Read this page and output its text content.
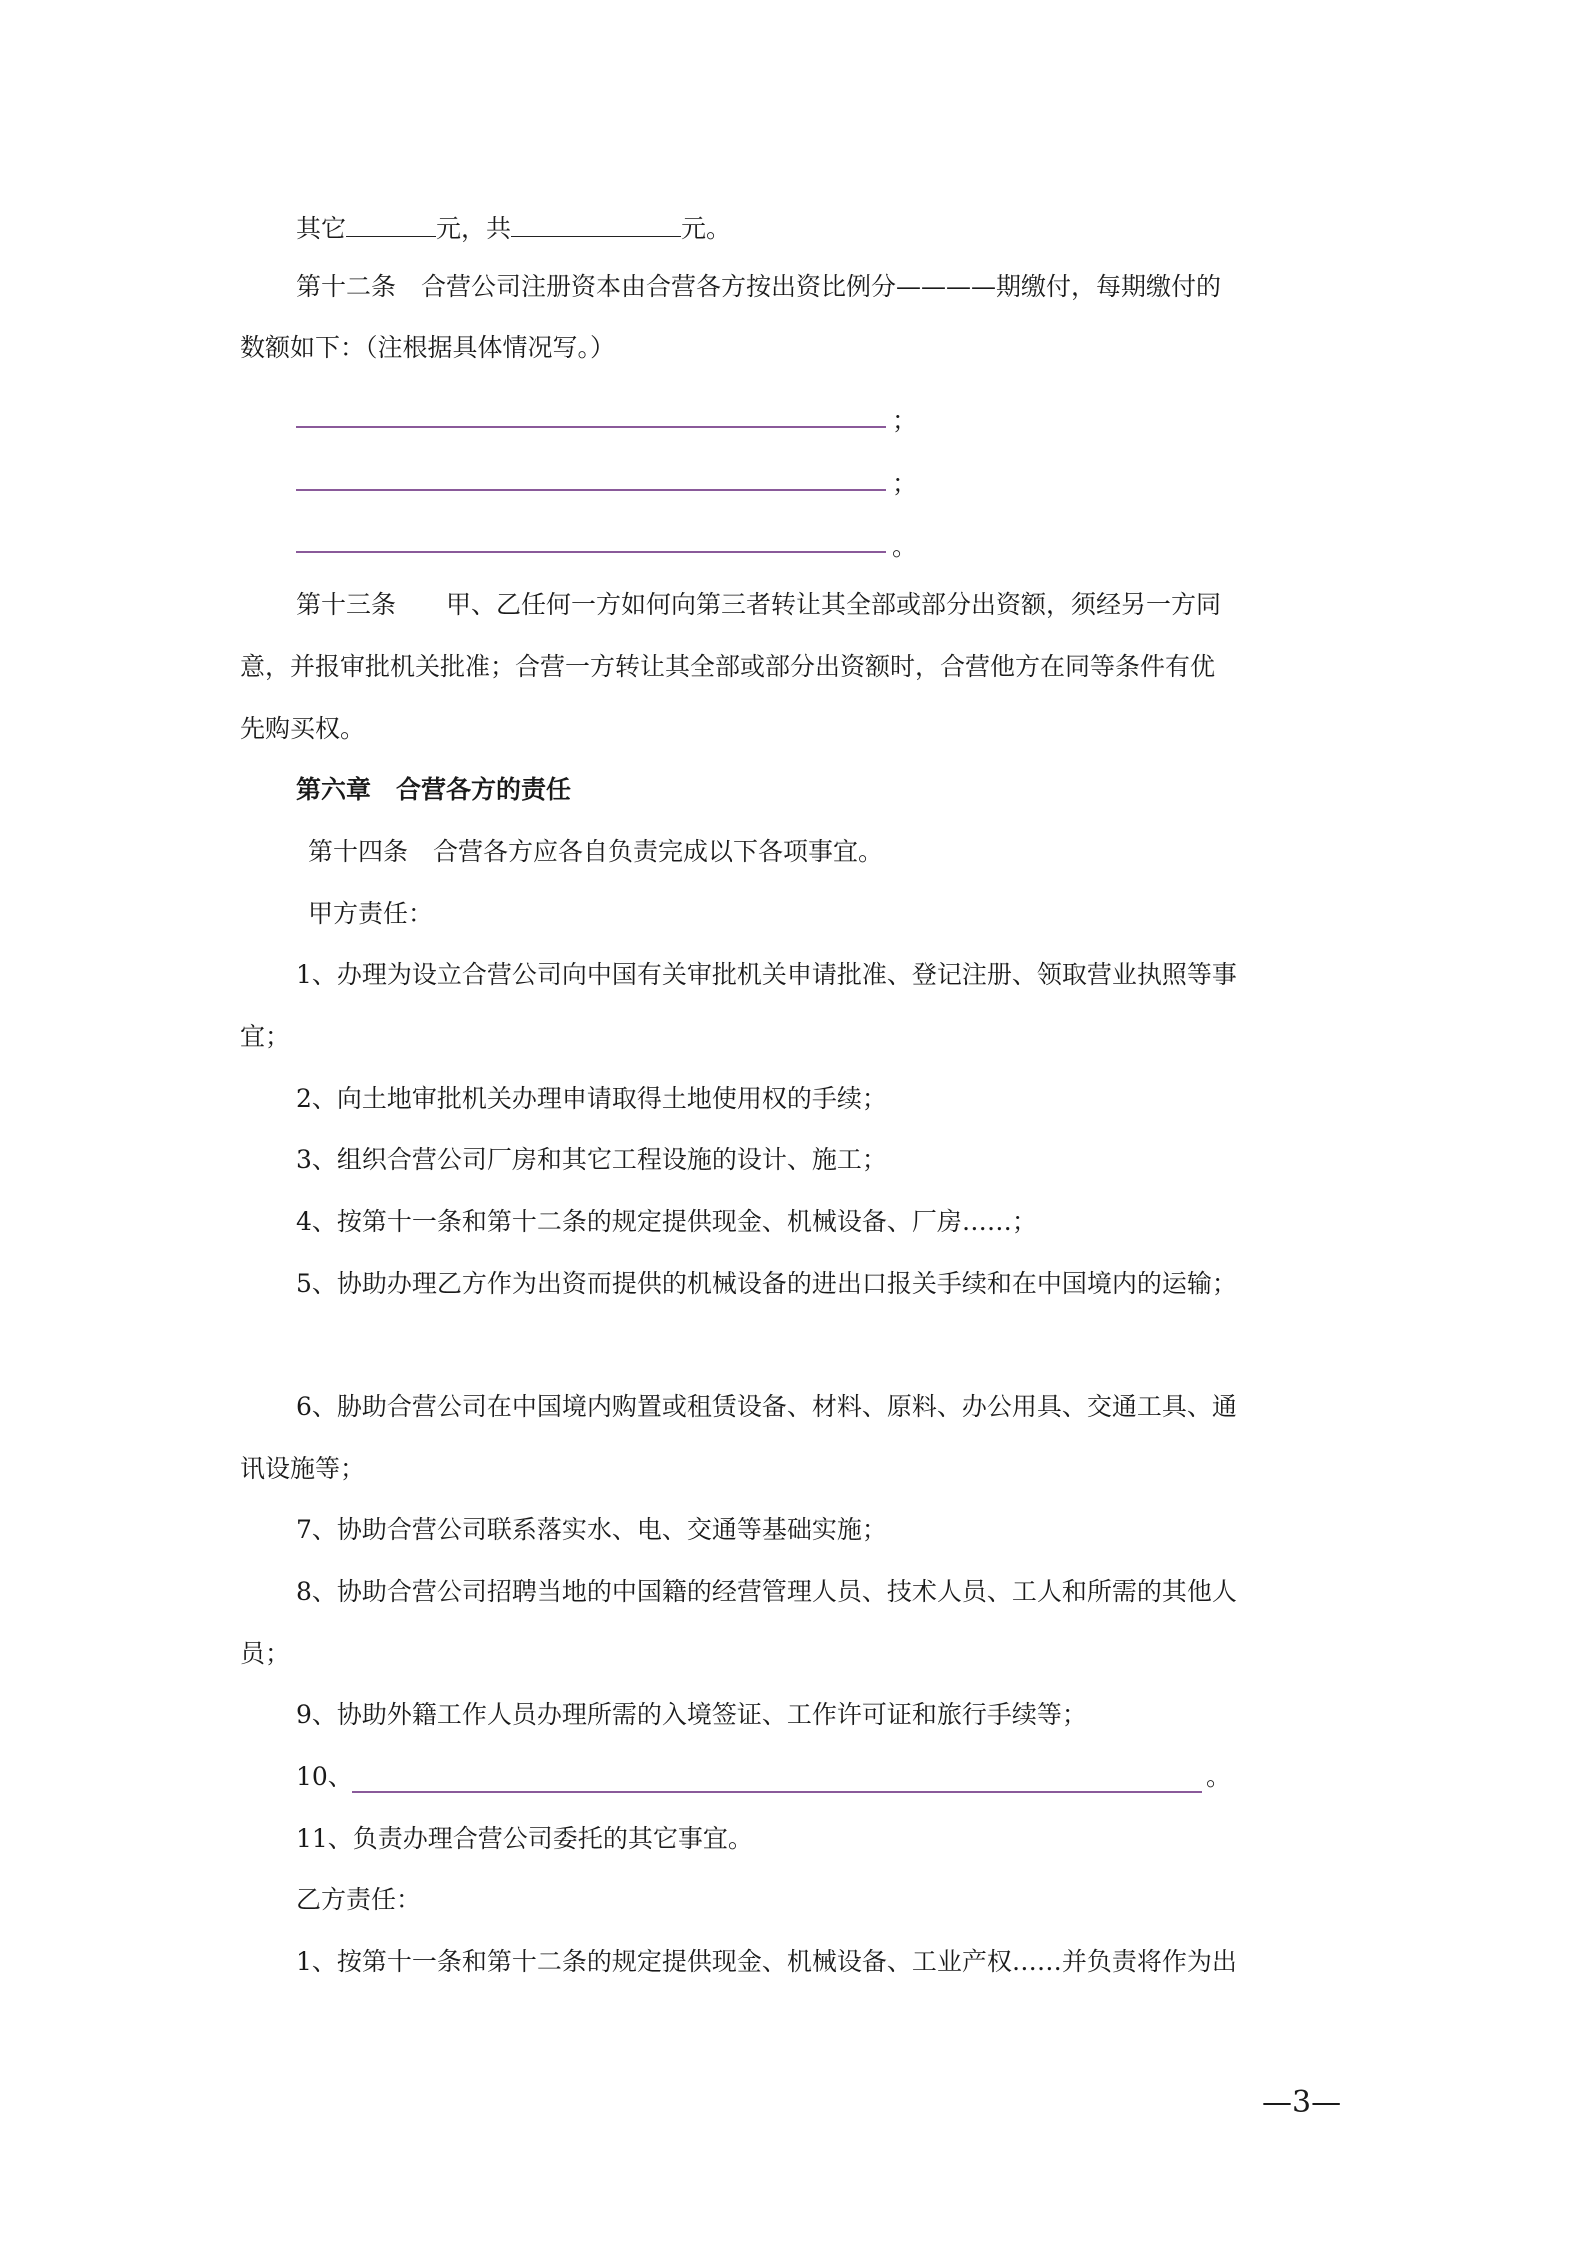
其它	元，共	元。
第十二条　合营公司注册资本由合营各方按出资比例分————期缴付，每期缴付的
数额如下：（注根据具体情况写。）
；
；
。
第十三条　　甲、乙任何一方如何向第三者转让其全部或部分出资额，须经另一方同
意，并报审批机关批准；合营一方转让其全部或部分出资额时，合营他方在同等条件有优
先购买权。
第六章　合营各方的责任
第十四条　合营各方应各自负责完成以下各项事宜。
甲方责任：
1、办理为设立合营公司向中国有关审批机关申请批准、登记注册、领取营业执照等事
宜；
2、向土地审批机关办理申请取得土地使用权的手续；
3、组织合营公司厂房和其它工程设施的设计、施工；
4、按第十一条和第十二条的规定提供现金、机械设备、厂房……；
5、协助办理乙方作为出资而提供的机械设备的进出口报关手续和在中国境内的运输；
6、胁助合营公司在中国境内购置或租赁设备、材料、原料、办公用具、交通工具、通
讯设施等；
7、协助合营公司联系落实水、电、交通等基础实施；
8、协助合营公司招聘当地的中国籍的经营管理人员、技术人员、工人和所需的其他人
员；
9、协助外籍工作人员办理所需的入境签证、工作许可证和旅行手续等；
10、	。
11、负责办理合营公司委托的其它事宜。
乙方责任：
1、按第十一条和第十二条的规定提供现金、机械设备、工业产权……并负责将作为出
—3—
